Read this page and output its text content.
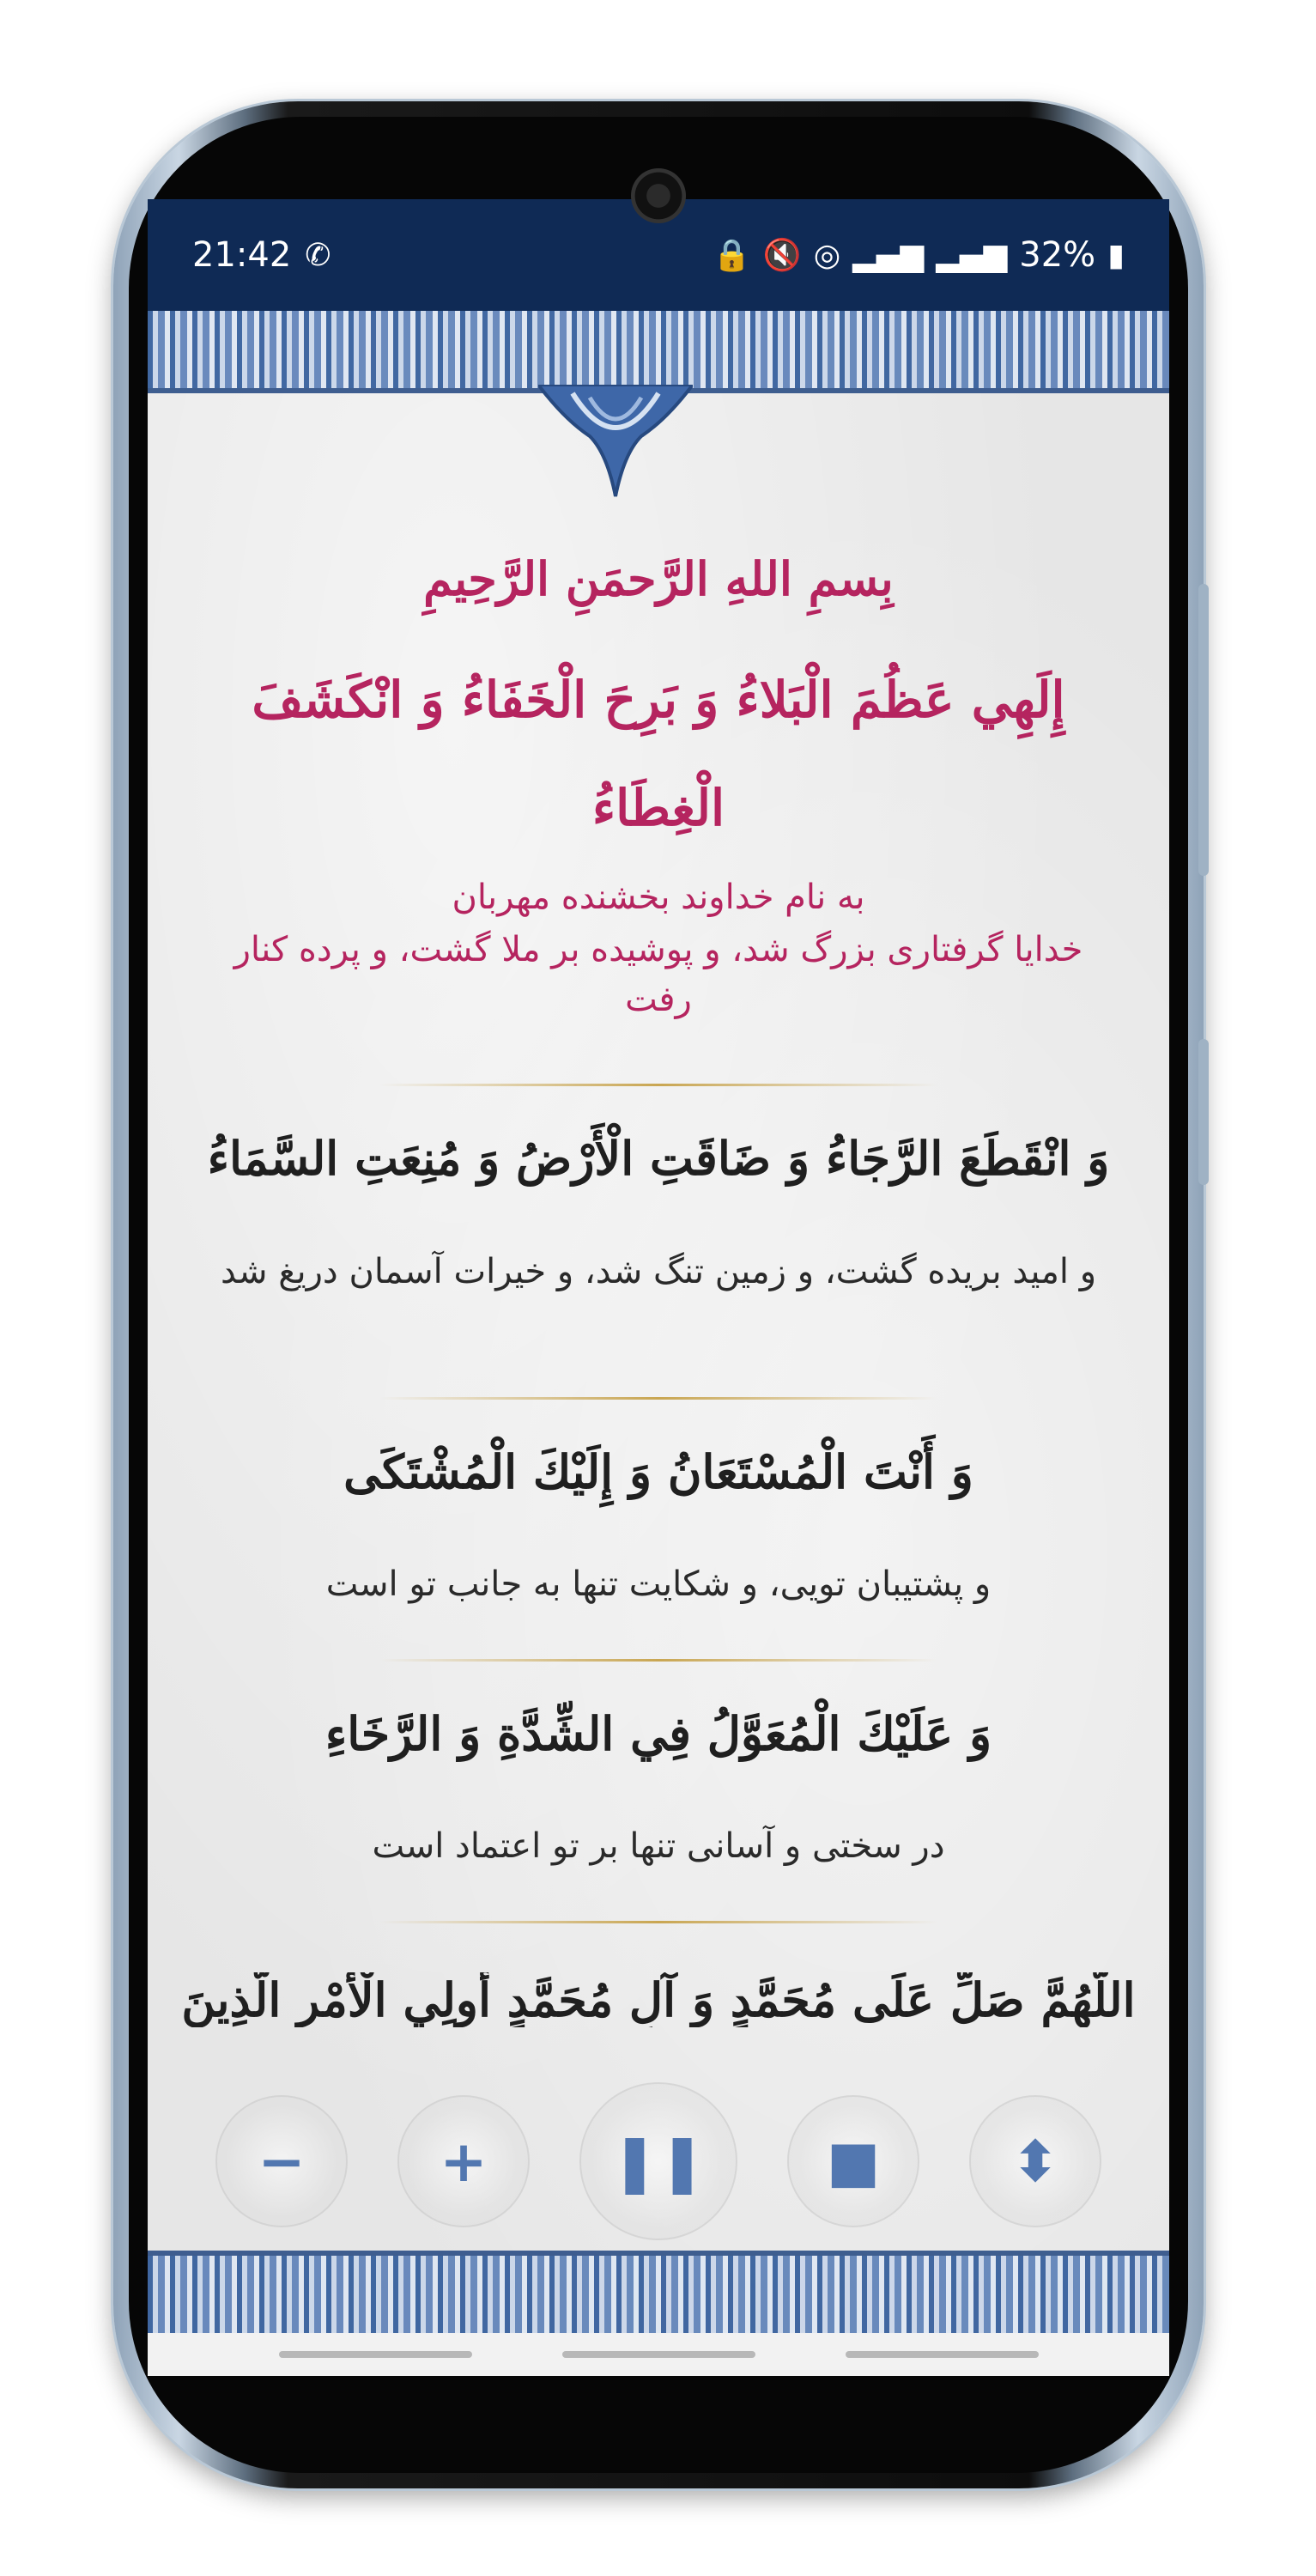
21:42 ✆	🔒 🔇 ◎ ▂▄▆ ▂▄▆ 32% ▮
بِسمِ اللهِ الرَّحمَنِ الرَّحِيمِ
إِلَهِي عَظُمَ الْبَلاءُ وَ بَرِحَ الْخَفَاءُ وَ انْكَشَفَ الْغِطَاءُ
به نام خداوند بخشنده مهربان
خدایا گرفتاری بزرگ شد، و پوشیده بر ملا گشت، و پرده کنار رفت
وَ انْقَطَعَ الرَّجَاءُ وَ ضَاقَتِ الْأَرْضُ وَ مُنِعَتِ السَّمَاءُ
و امید بریده گشت، و زمین تنگ شد، و خیرات آسمان دریغ شد
وَ أَنْتَ الْمُسْتَعَانُ وَ إِلَيْكَ الْمُشْتَكَى
و پشتیبان تویی، و شکایت تنها به جانب تو است
وَ عَلَيْكَ الْمُعَوَّلُ فِي الشِّدَّةِ وَ الرَّخَاءِ
در سختی و آسانی تنها بر تو اعتماد است
اللَّهُمَّ صَلِّ عَلَى مُحَمَّدٍ وَ آلِ مُحَمَّدٍ أُولِي الْأَمْرِ الَّذِينَ
−	+	❚❚	■	⬍
